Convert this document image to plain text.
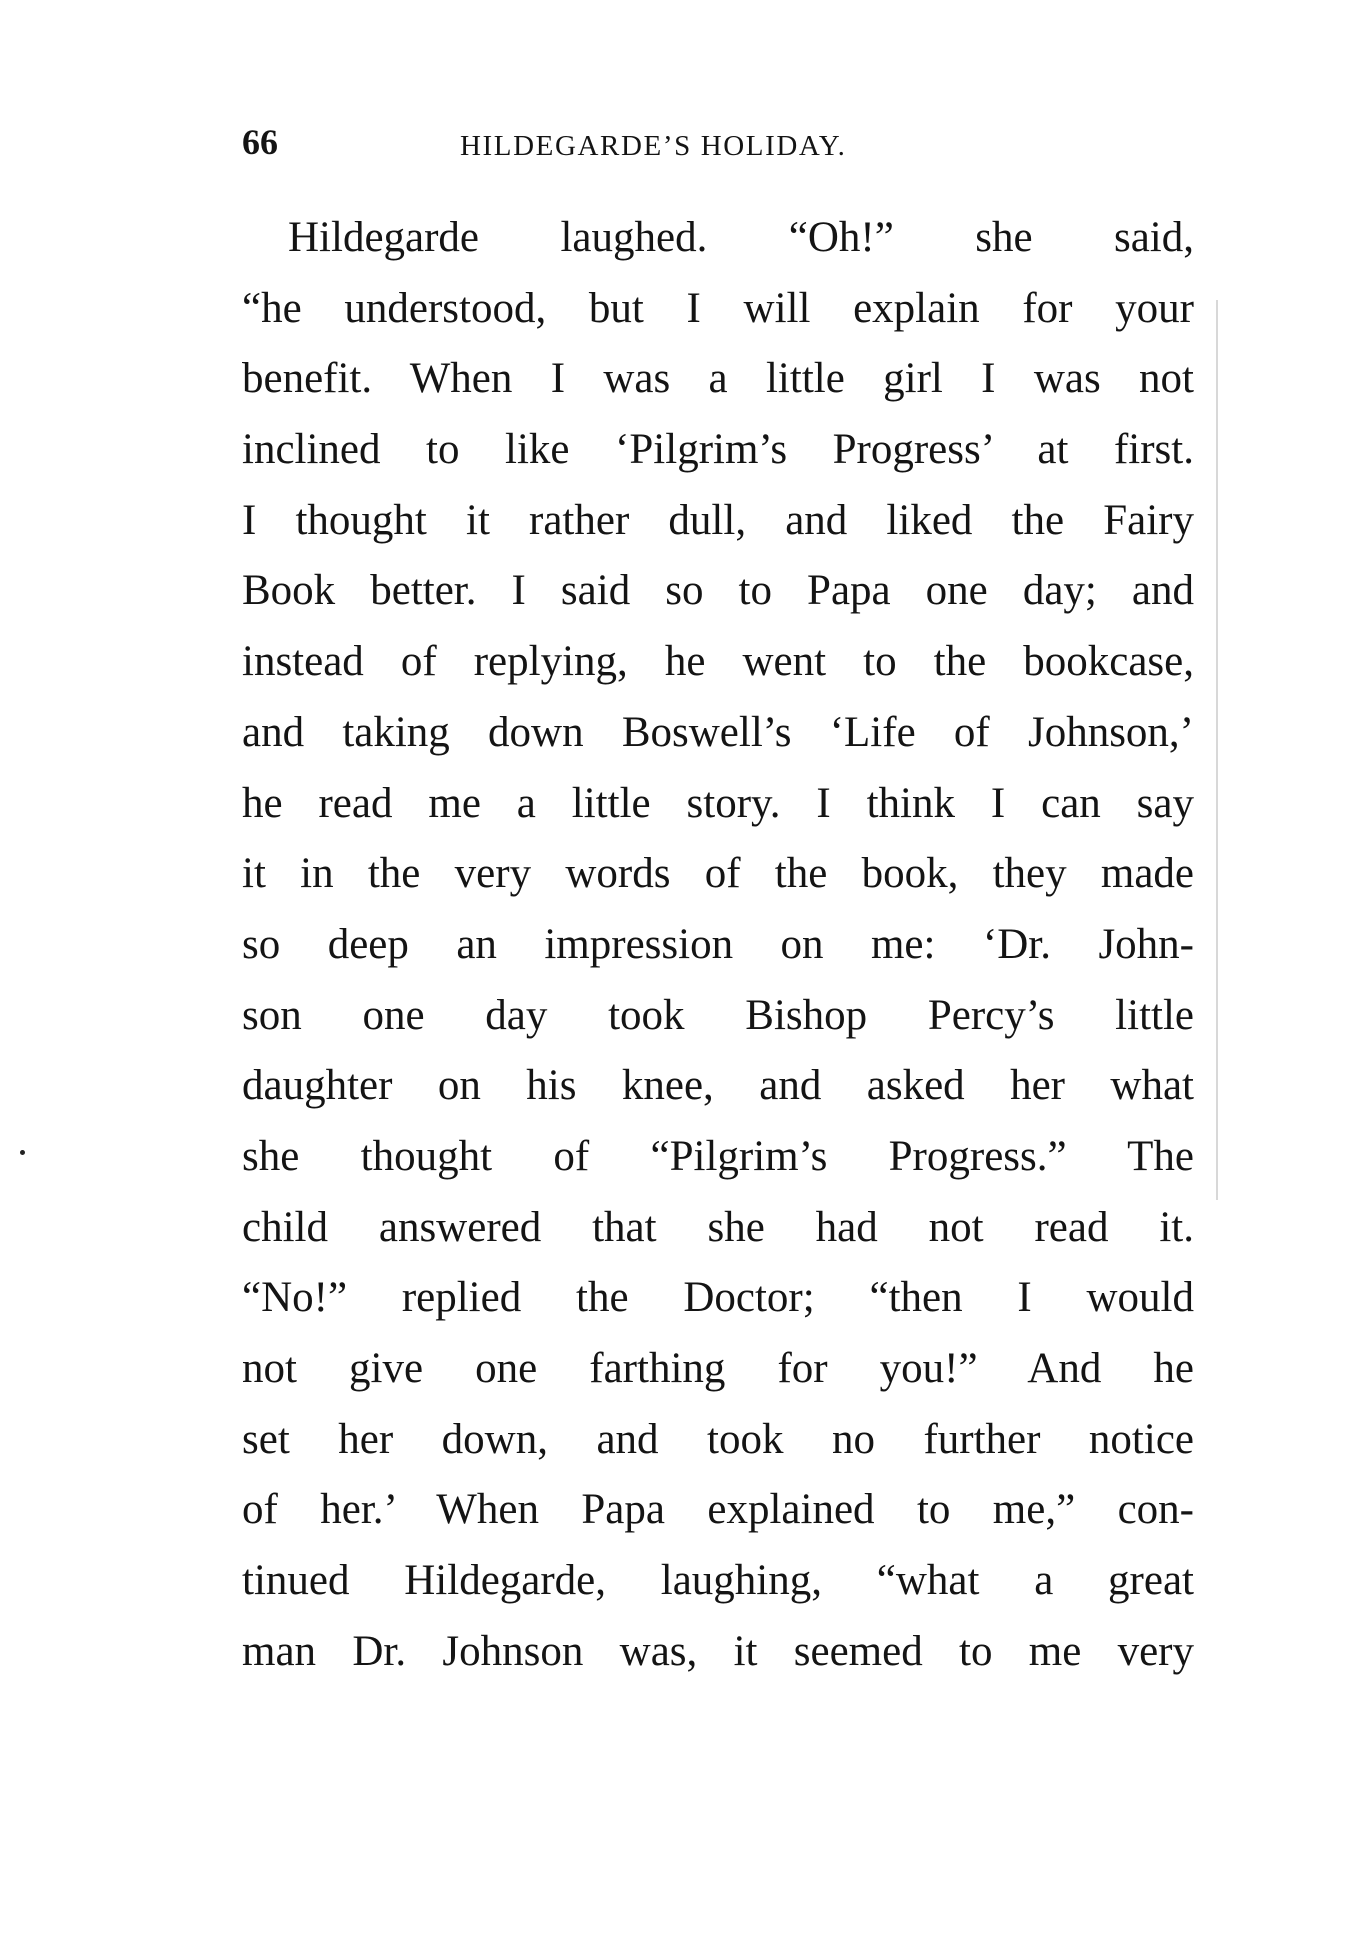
66	HILDEGARDE’S HOLIDAY.
Hildegarde laughed. “Oh!” she said,
“he understood, but I will explain for your
benefit. When I was a little girl I was not
inclined to like ‘Pilgrim’s Progress’ at first.
I thought it rather dull, and liked the Fairy
Book better. I said so to Papa one day; and
instead of replying, he went to the bookcase,
and taking down Boswell’s ‘Life of Johnson,’
he read me a little story. I think I can say
it in the very words of the book, they made
so deep an impression on me: ‘Dr. John-
son one day took Bishop Percy’s little
daughter on his knee, and asked her what
she thought of “Pilgrim’s Progress.” The
child answered that she had not read it.
“No!” replied the Doctor; “then I would
not give one farthing for you!” And he
set her down, and took no further notice
of her.’ When Papa explained to me,” con-
tinued Hildegarde, laughing, “what a great
man Dr. Johnson was, it seemed to me very
